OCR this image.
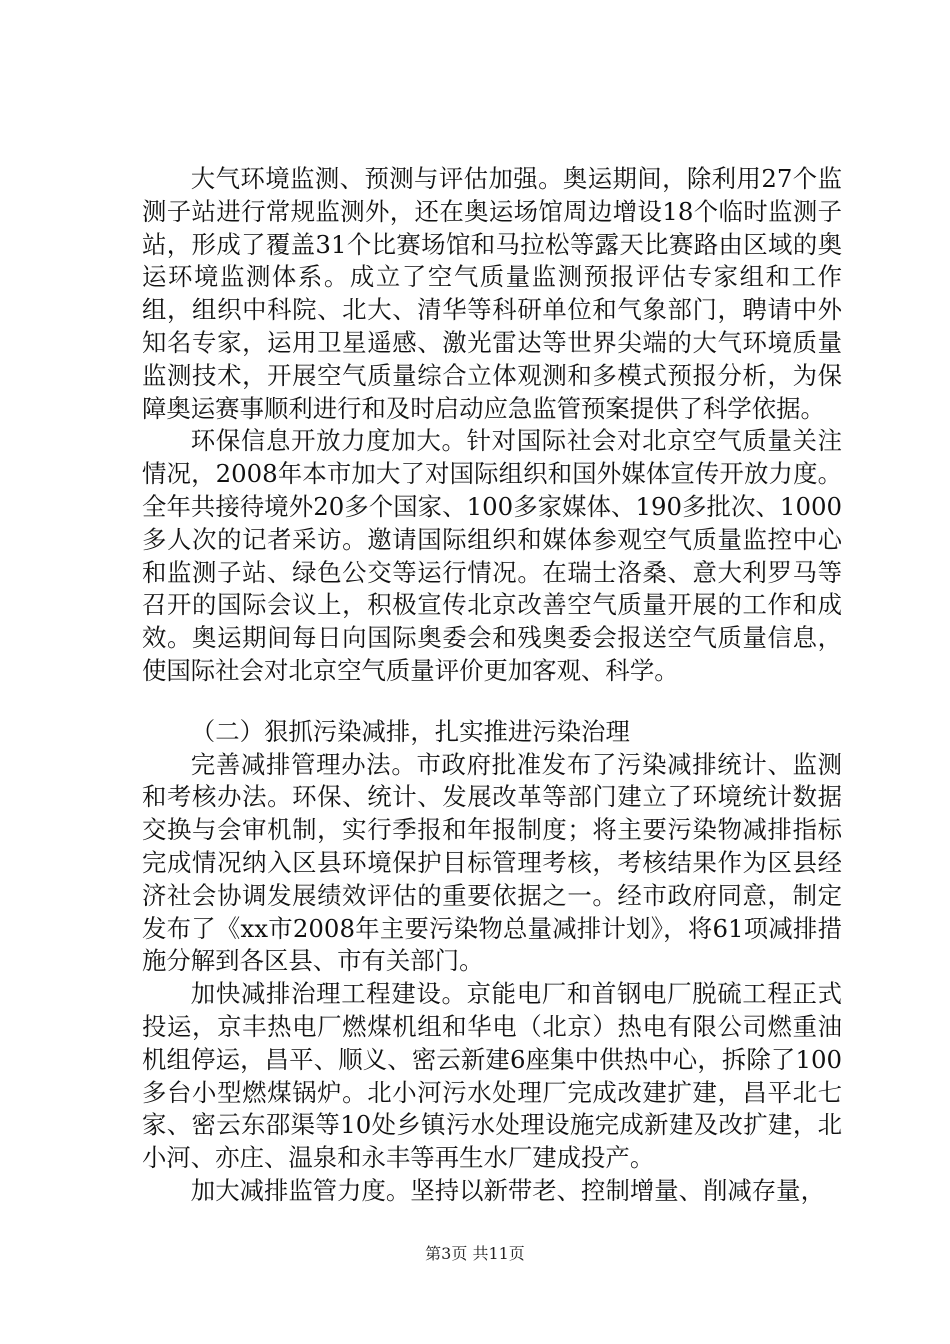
大气环境监测、预测与评估加强。奥运期间，除利用27个监测子站进行常规监测外，还在奥运场馆周边增设18个临时监测子站，形成了覆盖31个比赛场馆和马拉松等露天比赛路由区域的奥运环境监测体系。成立了空气质量监测预报评估专家组和工作组，组织中科院、北大、清华等科研单位和气象部门，聘请中外知名专家，运用卫星遥感、激光雷达等世界尖端的大气环境质量监测技术，开展空气质量综合立体观测和多模式预报分析，为保障奥运赛事顺利进行和及时启动应急监管预案提供了科学依据。

环保信息开放力度加大。针对国际社会对北京空气质量关注情况，2008年本市加大了对国际组织和国外媒体宣传开放力度。全年共接待境外20多个国家、100多家媒体、190多批次、1000多人次的记者采访。邀请国际组织和媒体参观空气质量监控中心和监测子站、绿色公交等运行情况。在瑞士洛桑、意大利罗马等召开的国际会议上，积极宣传北京改善空气质量开展的工作和成效。奥运期间每日向国际奥委会和残奥委会报送空气质量信息，使国际社会对北京空气质量评价更加客观、科学。

（二）狠抓污染减排，扎实推进污染治理

完善减排管理办法。市政府批准发布了污染减排统计、监测和考核办法。环保、统计、发展改革等部门建立了环境统计数据交换与会审机制，实行季报和年报制度；将主要污染物减排指标完成情况纳入区县环境保护目标管理考核，考核结果作为区县经济社会协调发展绩效评估的重要依据之一。经市政府同意，制定发布了《xx市2008年主要污染物总量减排计划》，将61项减排措施分解到各区县、市有关部门。

加快减排治理工程建设。京能电厂和首钢电厂脱硫工程正式投运，京丰热电厂燃煤机组和华电（北京）热电有限公司燃重油机组停运，昌平、顺义、密云新建6座集中供热中心，拆除了100多台小型燃煤锅炉。北小河污水处理厂完成改建扩建，昌平北七家、密云东邵渠等10处乡镇污水处理设施完成新建及改扩建，北小河、亦庄、温泉和永丰等再生水厂建成投产。

加大减排监管力度。坚持以新带老、控制增量、削减存量，

第3页 共11页
